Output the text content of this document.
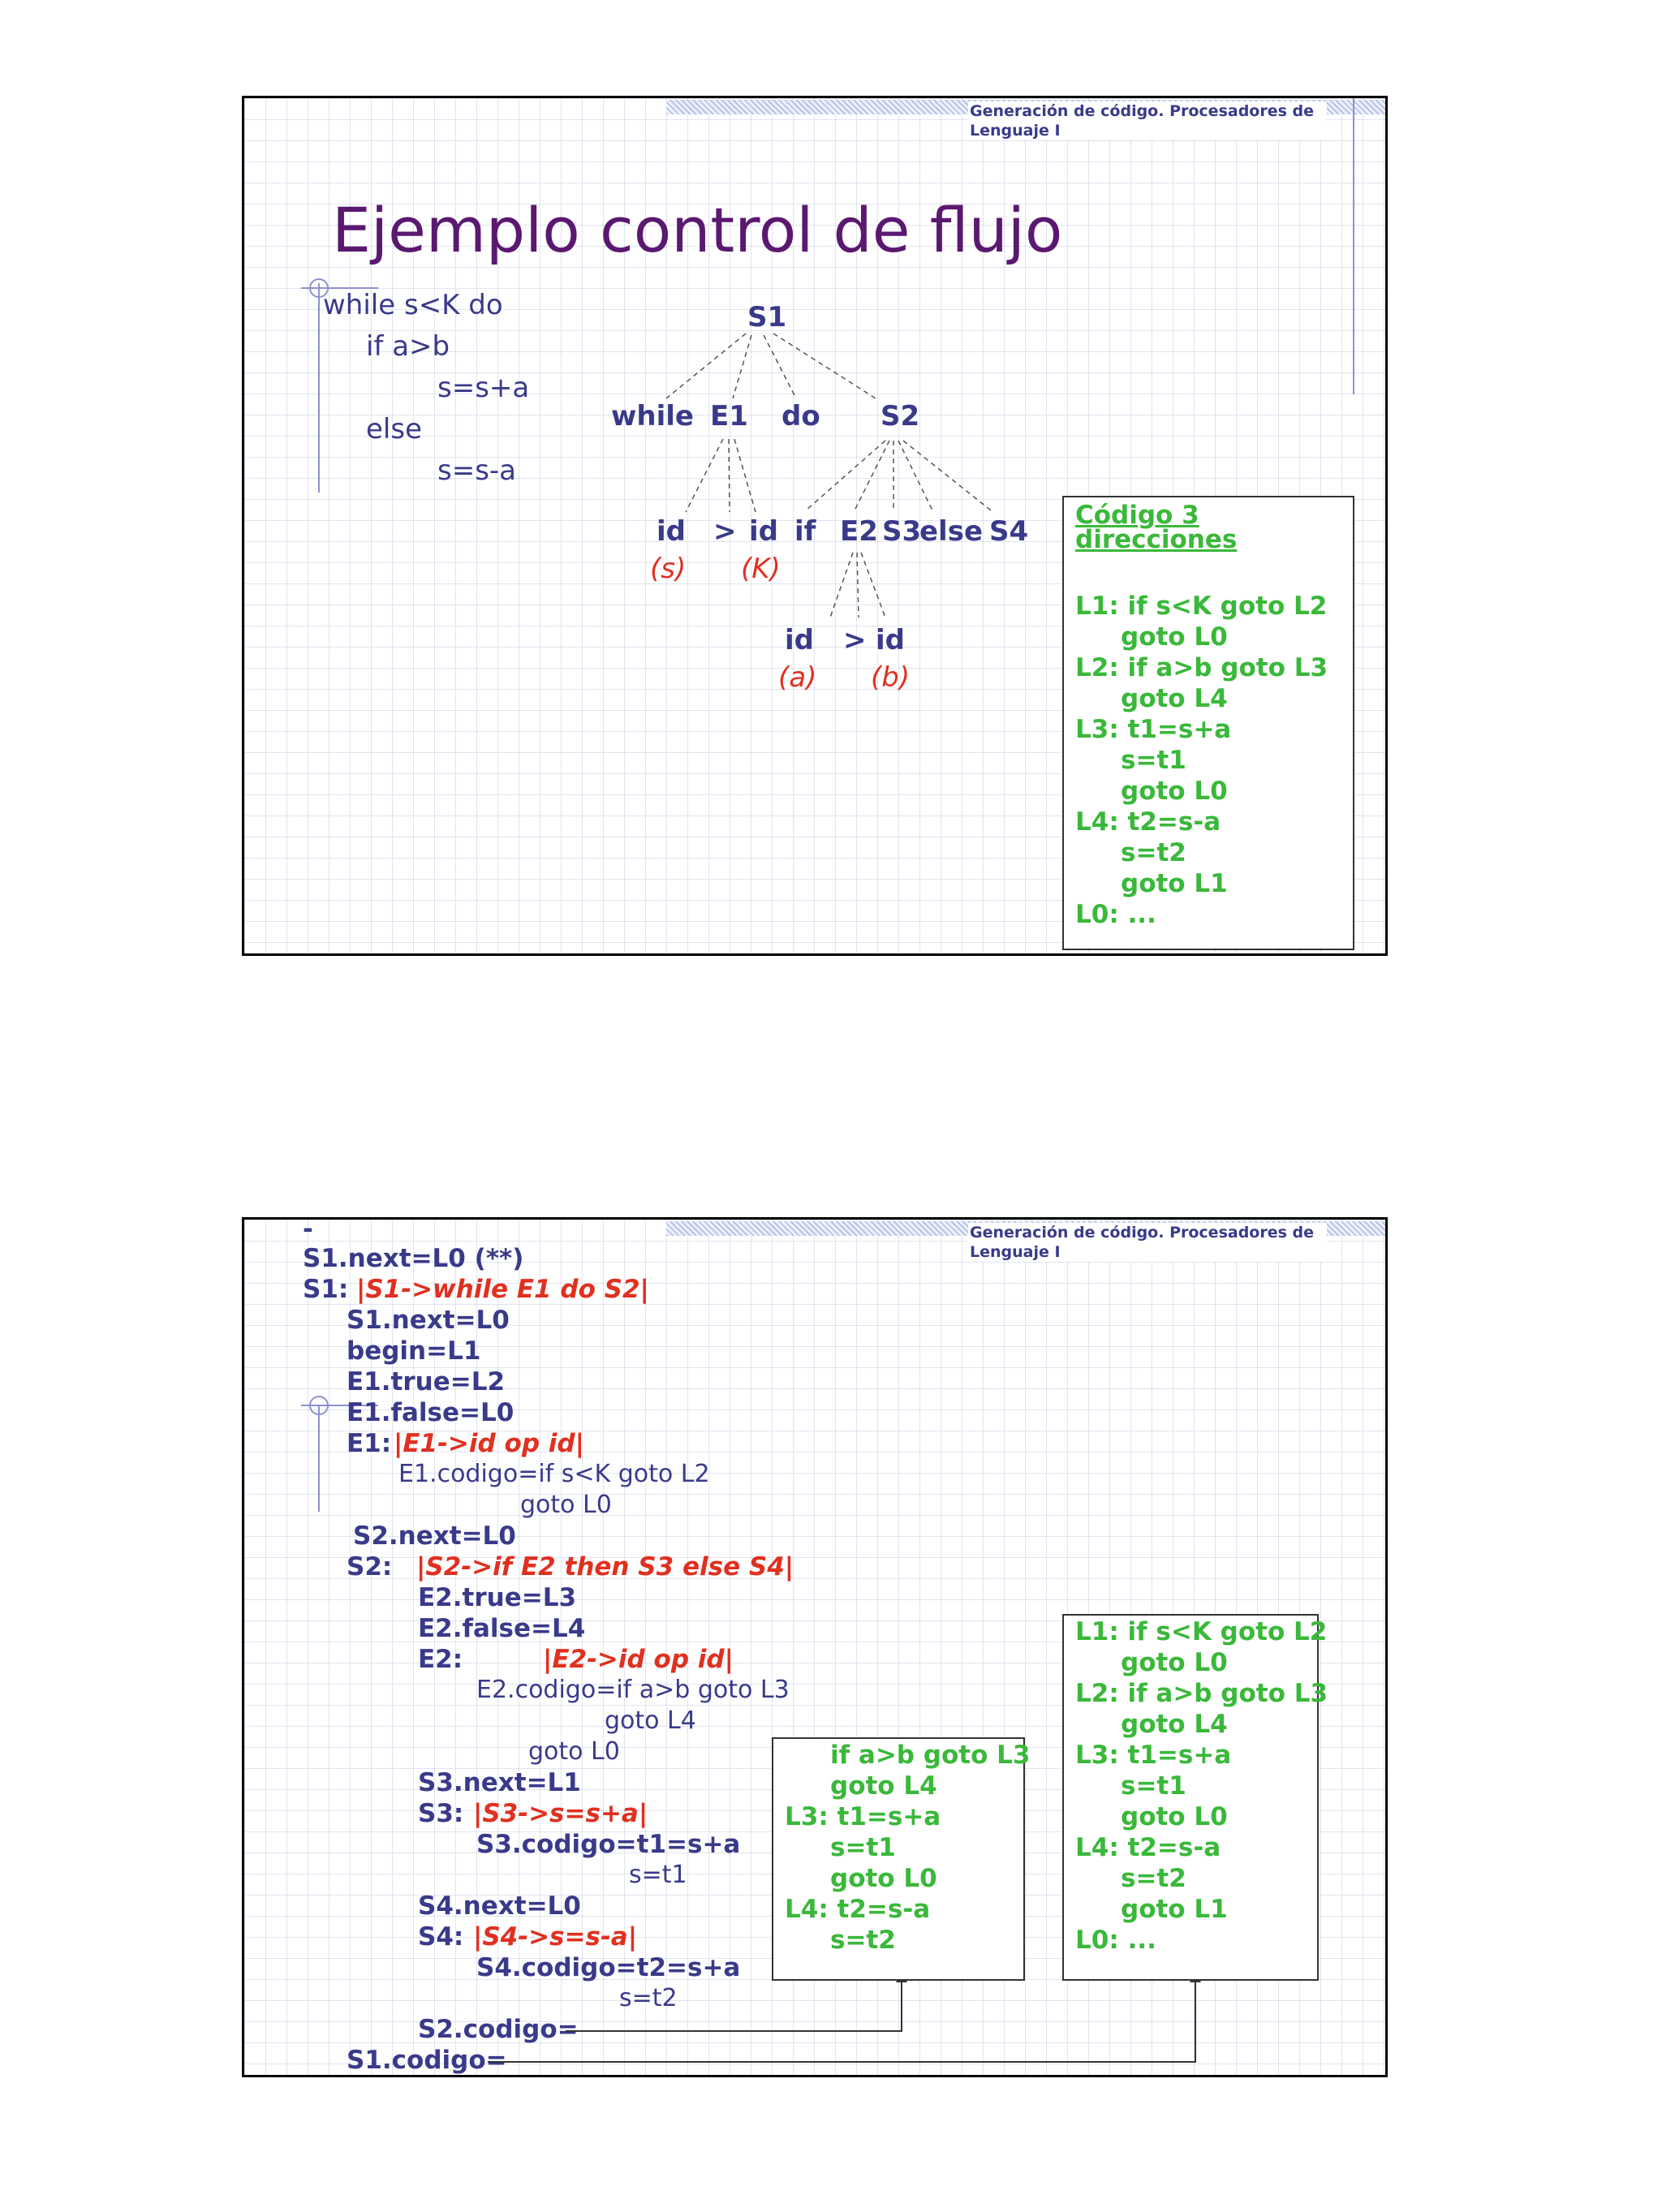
Generación de código. Procesadores de Lenguaje I
Ejemplo control de flujo
while s<K do
if a>b
s=s+a
else
s=s-a
S1
while E1 do S2
id > id
(s) (K)
if E2 S3
else S4
id > id
(a) (b)
Código 3
direcciones
L1: if s<K goto L2
goto L0
L2: if a>b goto L3
goto L4
L3: t1=s+a
s=t1
goto L0
L4: t2=s-a
s=t2
goto L1
L0: ...
Generación de código. Procesadores de Lenguaje I
-
S1.next=L0 (**)
S1: |S1->while E1 do S2|
S1.next=L0
begin=L1
E1.true=L2
E1.false=L0
E1: |E1->id op id|
E1.codigo=if s<K goto L2
goto L0
S2.next=L0
S2: |S2->if E2 then S3 else S4|
E2.true=L3
E2.false=L4
E2:	|E2->id op id|
E2.codigo=if a>b goto L3
goto L4
goto L0
S3.next=L1
S3: |S3->s=s+a|
S3.codigo=t1=s+a
s=t1
S4.next=L0
S4: |S4->s=s-a|
S4.codigo=t2=s+a
s=t2
S2.codigo=
S1.codigo=
if a>b goto L3
goto L4
L3: t1=s+a
s=t1
goto L0
L4: t2=s-a
s=t2
L1: if s<K goto L2
goto L0
L2: if a>b goto L3
goto L4
L3: t1=s+a
s=t1
goto L0
L4: t2=s-a
s=t2
goto L1
L0: ...
